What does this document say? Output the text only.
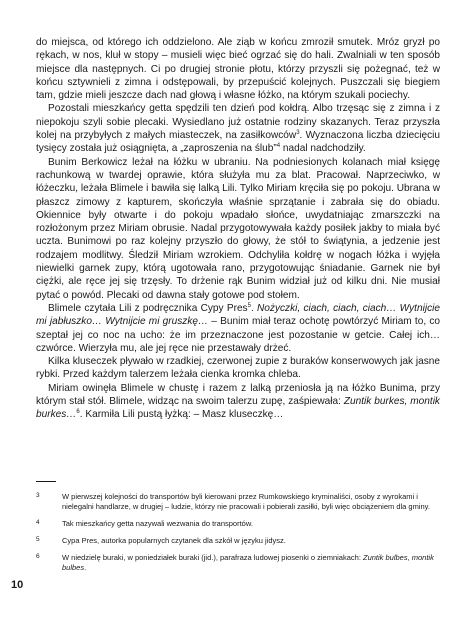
do miejsca, od którego ich oddzielono. Ale ziąb w końcu zmroził smutek. Mróz gryzł po rękach, w nos, kluł w stopy – musieli więc bieć ogrzać się do hali. Zwalniali w ten sposób miejsce dla następnych. Ci po drugiej stronie płotu, którzy przyszli się pożegnać, też w końcu sztywnieli z zimna i odstępowali, by przepuścić kolejnych. Puszczali się biegiem tam, gdzie mieli jeszcze dach nad głową i własne łóżko, na którym szukali pociechy.

Pozostali mieszkańcy getta spędzili ten dzień pod kołdrą. Albo trzęsąc się z zimna i z niepokoju szyli sobie plecaki. Wysiedlano już ostatnie rodziny skazanych. Teraz przyszła kolej na przybyłych z małych miasteczek, na zasiłkowców$^3$. Wyznaczona liczba dziecięciu tysięcy została już osiągnięta, a „zaproszenia na ślub”$^4$ nadal nadchodziły.

Bunim Berkowicz leżał na łóżku w ubraniu. Na podniesionych kolanach miał księgę rachunkową w twardej oprawie, która służyła mu za blat. Pracował. Naprzeciwko, w łóżeczku, leżała Blimele i bawiła się lalką Lili. Tylko Miriam kręciła się po pokoju. Ubrana w płaszcz zimowy z kapturem, skończyła właśnie sprzątanie i zabrała się do obiadu. Okiennice były otwarte i do pokoju wpadało słońce, uwydatniając zmarszczki na rozłożonym przez Miriam obrusie. Nadal przygotowywała każdy posiłek jakby to miała być uczta. Bunimowi po raz kolejny przyszło do głowy, że stół to świątynia, a jedzenie jest rodzajem modlitwy. Śledził Miriam wzrokiem. Odchyliła kołdrę w nogach łóżka i wyjęła niewielki garnek zupy, którą ugotowała rano, przygotowując śniadanie. Garnek nie był ciężki, ale ręce jej się trzęsły. To drżenie rąk Bunim widział już od kilku dni. Nie musiał pytać o powód. Plecaki od dawna stały gotowe pod stołem.

Blimele czytała Lili z podręcznika Cypy Pres$^5$. Nożyczki, ciach, ciach, ciach… Wytnijcie mi jabłuszko… Wytnijcie mi gruszkę… – Bunim miał teraz ochotę powtórzyć Miriam to, co szeptał jej co noc na ucho: że im przeznaczone jest pozostanie w getcie. Całej ich… czwórce. Wierzyła mu, ale jej ręce nie przestawały drżeć.

Kilka kluseczek pływało w rzadkiej, czerwonej zupie z buraków konserwowych jak jasne rybki. Przed każdym talerzem leżała cienka kromka chleba.

Miriam owinęła Blimele w chustę i razem z lalką przeniosła ją na łóżko Bunima, przy którym stał stół. Blimele, widząc na swoim talerzu zupę, zaśpiewała: Zuntik burkes, montik burkes…$^6$. Karmiła Lili pustą łyżką: – Masz kluseczkę…

3	W pierwszej kolejności do transportów byli kierowani przez Rumkowskiego kryminaliści, osoby z wyrokami i nielegalni handlarze, w drugiej – ludzie, którzy nie pracowali i pobierali zasiłki, byli więc obciążeniem dla gminy.
4	Tak mieszkańcy getta nazywali wezwania do transportów.
5	Cypa Pres, autorka popularnych czytanek dla szkół w języku jidysz.
6	W niedzielę buraki, w poniedziałek buraki (jid.), parafraza ludowej piosenki o ziemniakach: Zuntik bulbes, montik bulbes.
10
